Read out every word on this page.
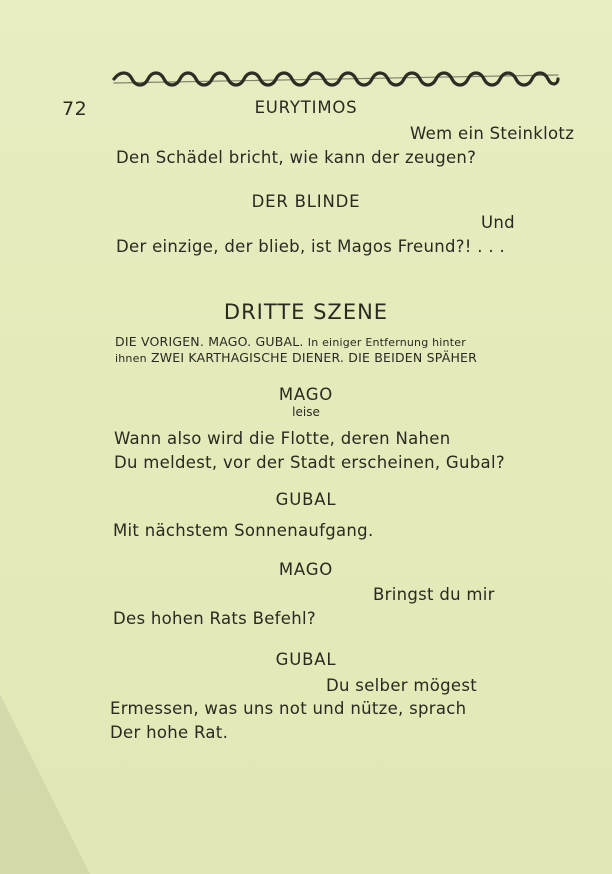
72	EURYTIMOS
Wem ein Steinklotz
Den Schädel bricht, wie kann der zeugen?
DER BLINDE
Und
Der einzige, der blieb, ist Magos Freund?! . . .
DRITTE SZENE
DIE VORIGEN. MAGO. GUBAL. In einiger Entfernung hinter
ihnen ZWEI KARTHAGISCHE DIENER. DIE BEIDEN SPÄHER
MAGO
leise
Wann also wird die Flotte, deren Nahen
Du meldest, vor der Stadt erscheinen, Gubal?
GUBAL
Mit nächstem Sonnenaufgang.
MAGO
Bringst du mir
Des hohen Rats Befehl?
GUBAL
Du selber mögest
Ermessen, was uns not und nütze, sprach
Der hohe Rat.
